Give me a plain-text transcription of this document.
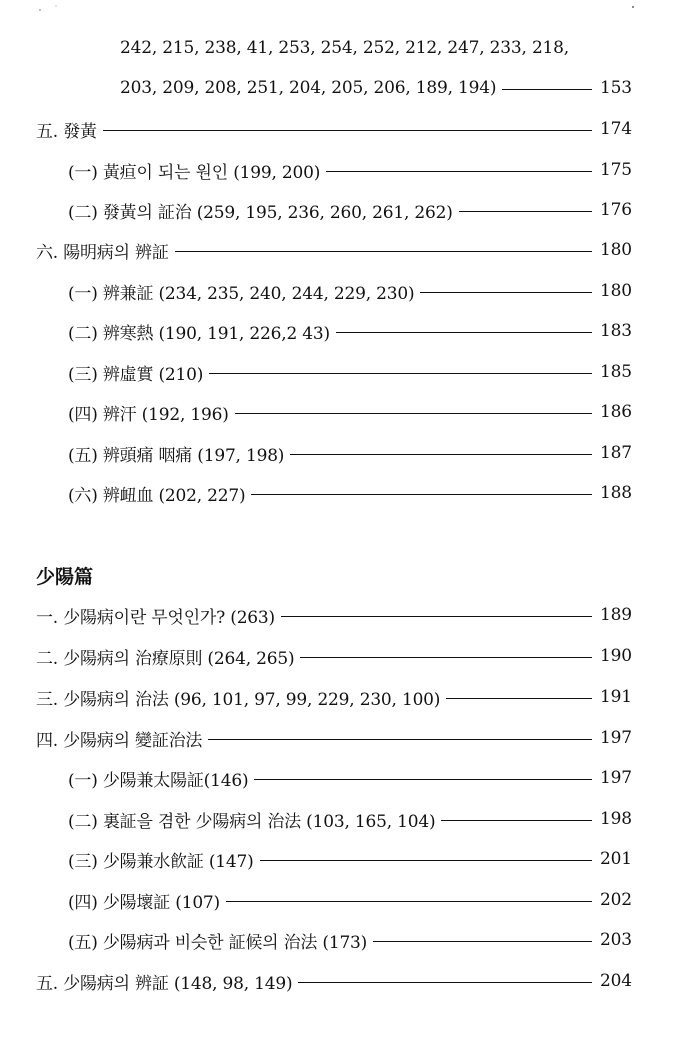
242, 215, 238, 41, 253, 254, 252, 212, 247, 233, 218,
203, 209, 208, 251, 204, 205, 206, 189, 194)	153
五. 發黃	174
(一) 黃疸이 되는 원인 (199, 200)	175
(二) 發黃의 証治 (259, 195, 236, 260, 261, 262)	176
六. 陽明病의 辨証	180
(一) 辨兼証 (234, 235, 240, 244, 229, 230)	180
(二) 辨寒熱 (190, 191, 226,2 43)	183
(三) 辨虛實 (210)	185
(四) 辨汗 (192, 196)	186
(五) 辨頭痛 咽痛 (197, 198)	187
(六) 辨衄血 (202, 227)	188
少陽篇
一. 少陽病이란 무엇인가? (263)	189
二. 少陽病의 治療原則 (264, 265)	190
三. 少陽病의 治法 (96, 101, 97, 99, 229, 230, 100)	191
四. 少陽病의 變証治法	197
(一) 少陽兼太陽証(146)	197
(二) 裏証을 겸한 少陽病의 治法 (103, 165, 104)	198
(三) 少陽兼水飮証 (147)	201
(四) 少陽壞証 (107)	202
(五) 少陽病과 비슷한 証候의 治法 (173)	203
五. 少陽病의 辨証 (148, 98, 149)	204
